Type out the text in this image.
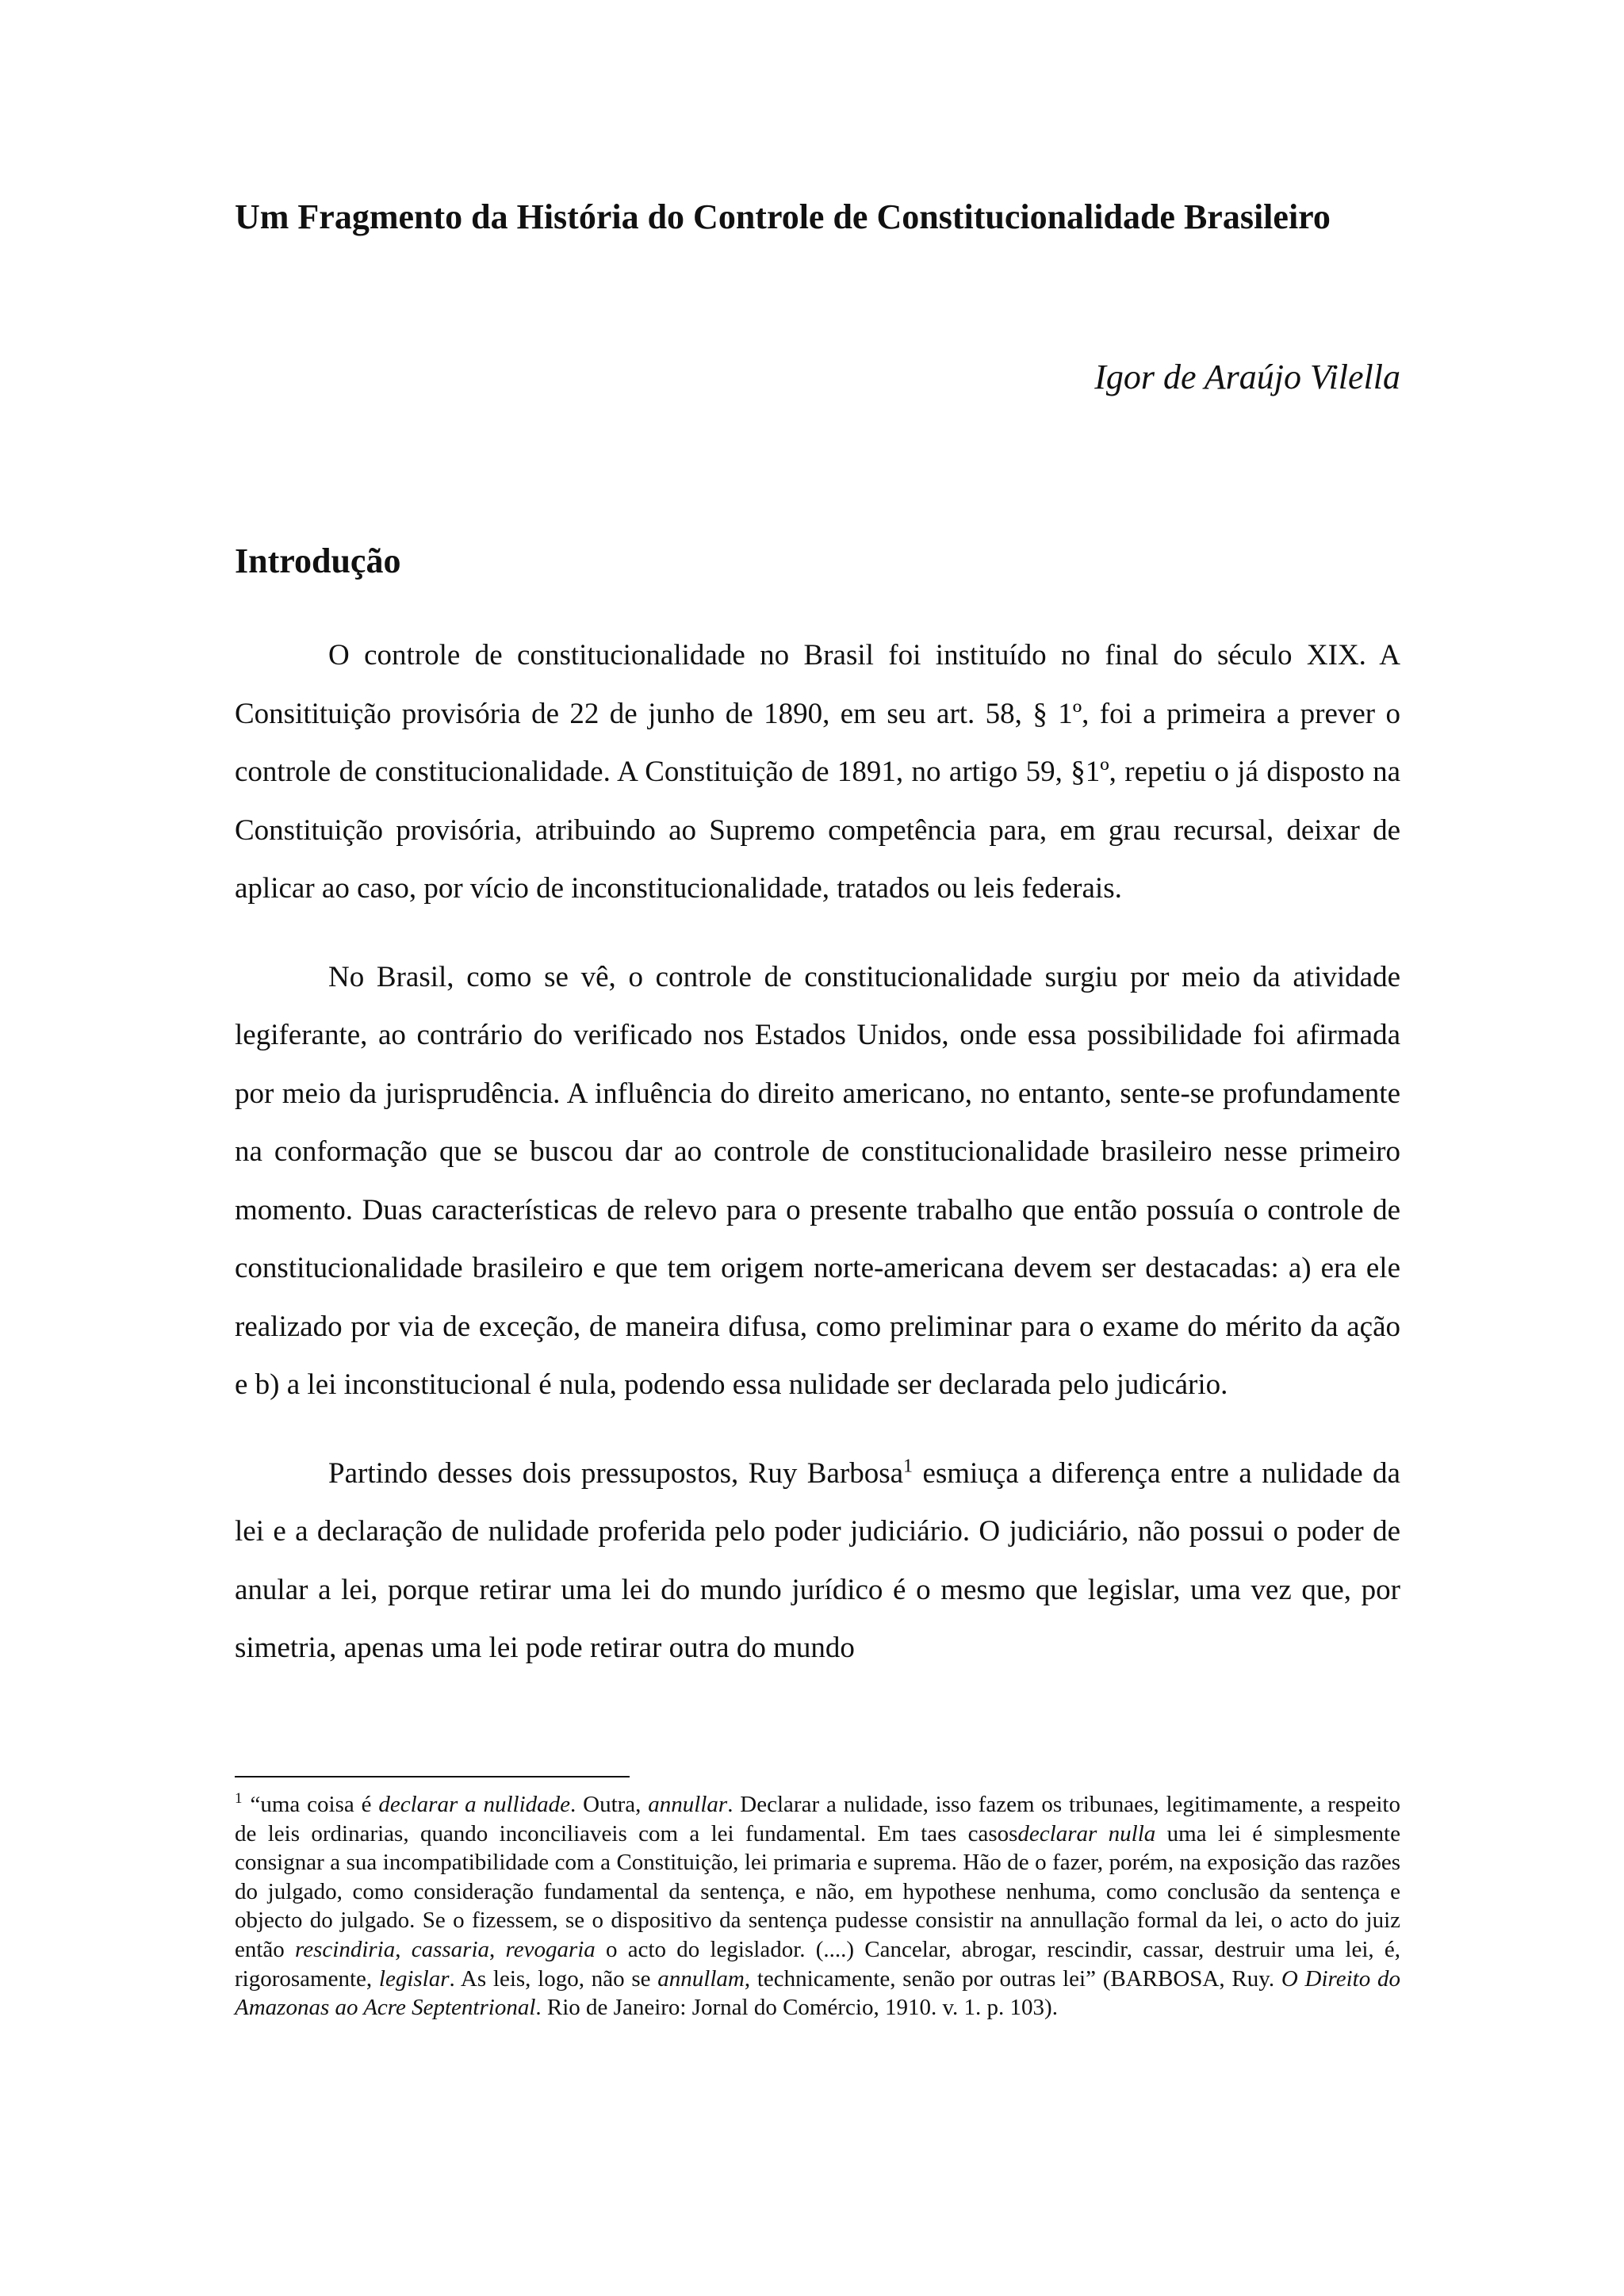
Um Fragmento da História do Controle de Constitucionalidade Brasileiro

Igor de Araújo Vilella

Introdução

O controle de constitucionalidade no Brasil foi instituído no final do século XIX. A Consitituição provisória de 22 de junho de 1890, em seu art. 58, § 1º, foi a primeira a prever o controle de constitucionalidade. A Constituição de 1891, no artigo 59, §1º, repetiu o já disposto na Constituição provisória, atribuindo ao Supremo competência para, em grau recursal, deixar de aplicar ao caso, por vício de inconstitucionalidade, tratados ou leis federais.

No Brasil, como se vê, o controle de constitucionalidade surgiu por meio da atividade legiferante, ao contrário do verificado nos Estados Unidos, onde essa possibilidade foi afirmada por meio da jurisprudência. A influência do direito americano, no entanto, sente-se profundamente na conformação que se buscou dar ao controle de constitucionalidade brasileiro nesse primeiro momento. Duas características de relevo para o presente trabalho que então possuía o controle de constitucionalidade brasileiro e que tem origem norte-americana devem ser destacadas: a) era ele realizado por via de exceção, de maneira difusa, como preliminar para o exame do mérito da ação e b) a lei inconstitucional é nula, podendo essa nulidade ser declarada pelo judicário.

Partindo desses dois pressupostos, Ruy Barbosa$^1$ esmiuça a diferença entre a nulidade da lei e a declaração de nulidade proferida pelo poder judiciário. O judiciário, não possui o poder de anular a lei, porque retirar uma lei do mundo jurídico é o mesmo que legislar, uma vez que, por simetria, apenas uma lei pode retirar outra do mundo

$^1$ “uma coisa é declarar a nullidade. Outra, annullar. Declarar a nulidade, isso fazem os tribunaes, legitimamente, a respeito de leis ordinarias, quando inconciliaveis com a lei fundamental. Em taes casosdeclarar nulla uma lei é simplesmente consignar a sua incompatibilidade com a Constituição, lei primaria e suprema. Hão de o fazer, porém, na exposição das razões do julgado, como consideração fundamental da sentença, e não, em hypothese nenhuma, como conclusão da sentença e objecto do julgado. Se o fizessem, se o dispositivo da sentença pudesse consistir na annullação formal da lei, o acto do juiz então rescindiria, cassaria, revogaria o acto do legislador. (....) Cancelar, abrogar, rescindir, cassar, destruir uma lei, é, rigorosamente, legislar. As leis, logo, não se annullam, technicamente, senão por outras lei” (BARBOSA, Ruy. O Direito do Amazonas ao Acre Septentrional. Rio de Janeiro: Jornal do Comércio, 1910. v. 1. p. 103).
